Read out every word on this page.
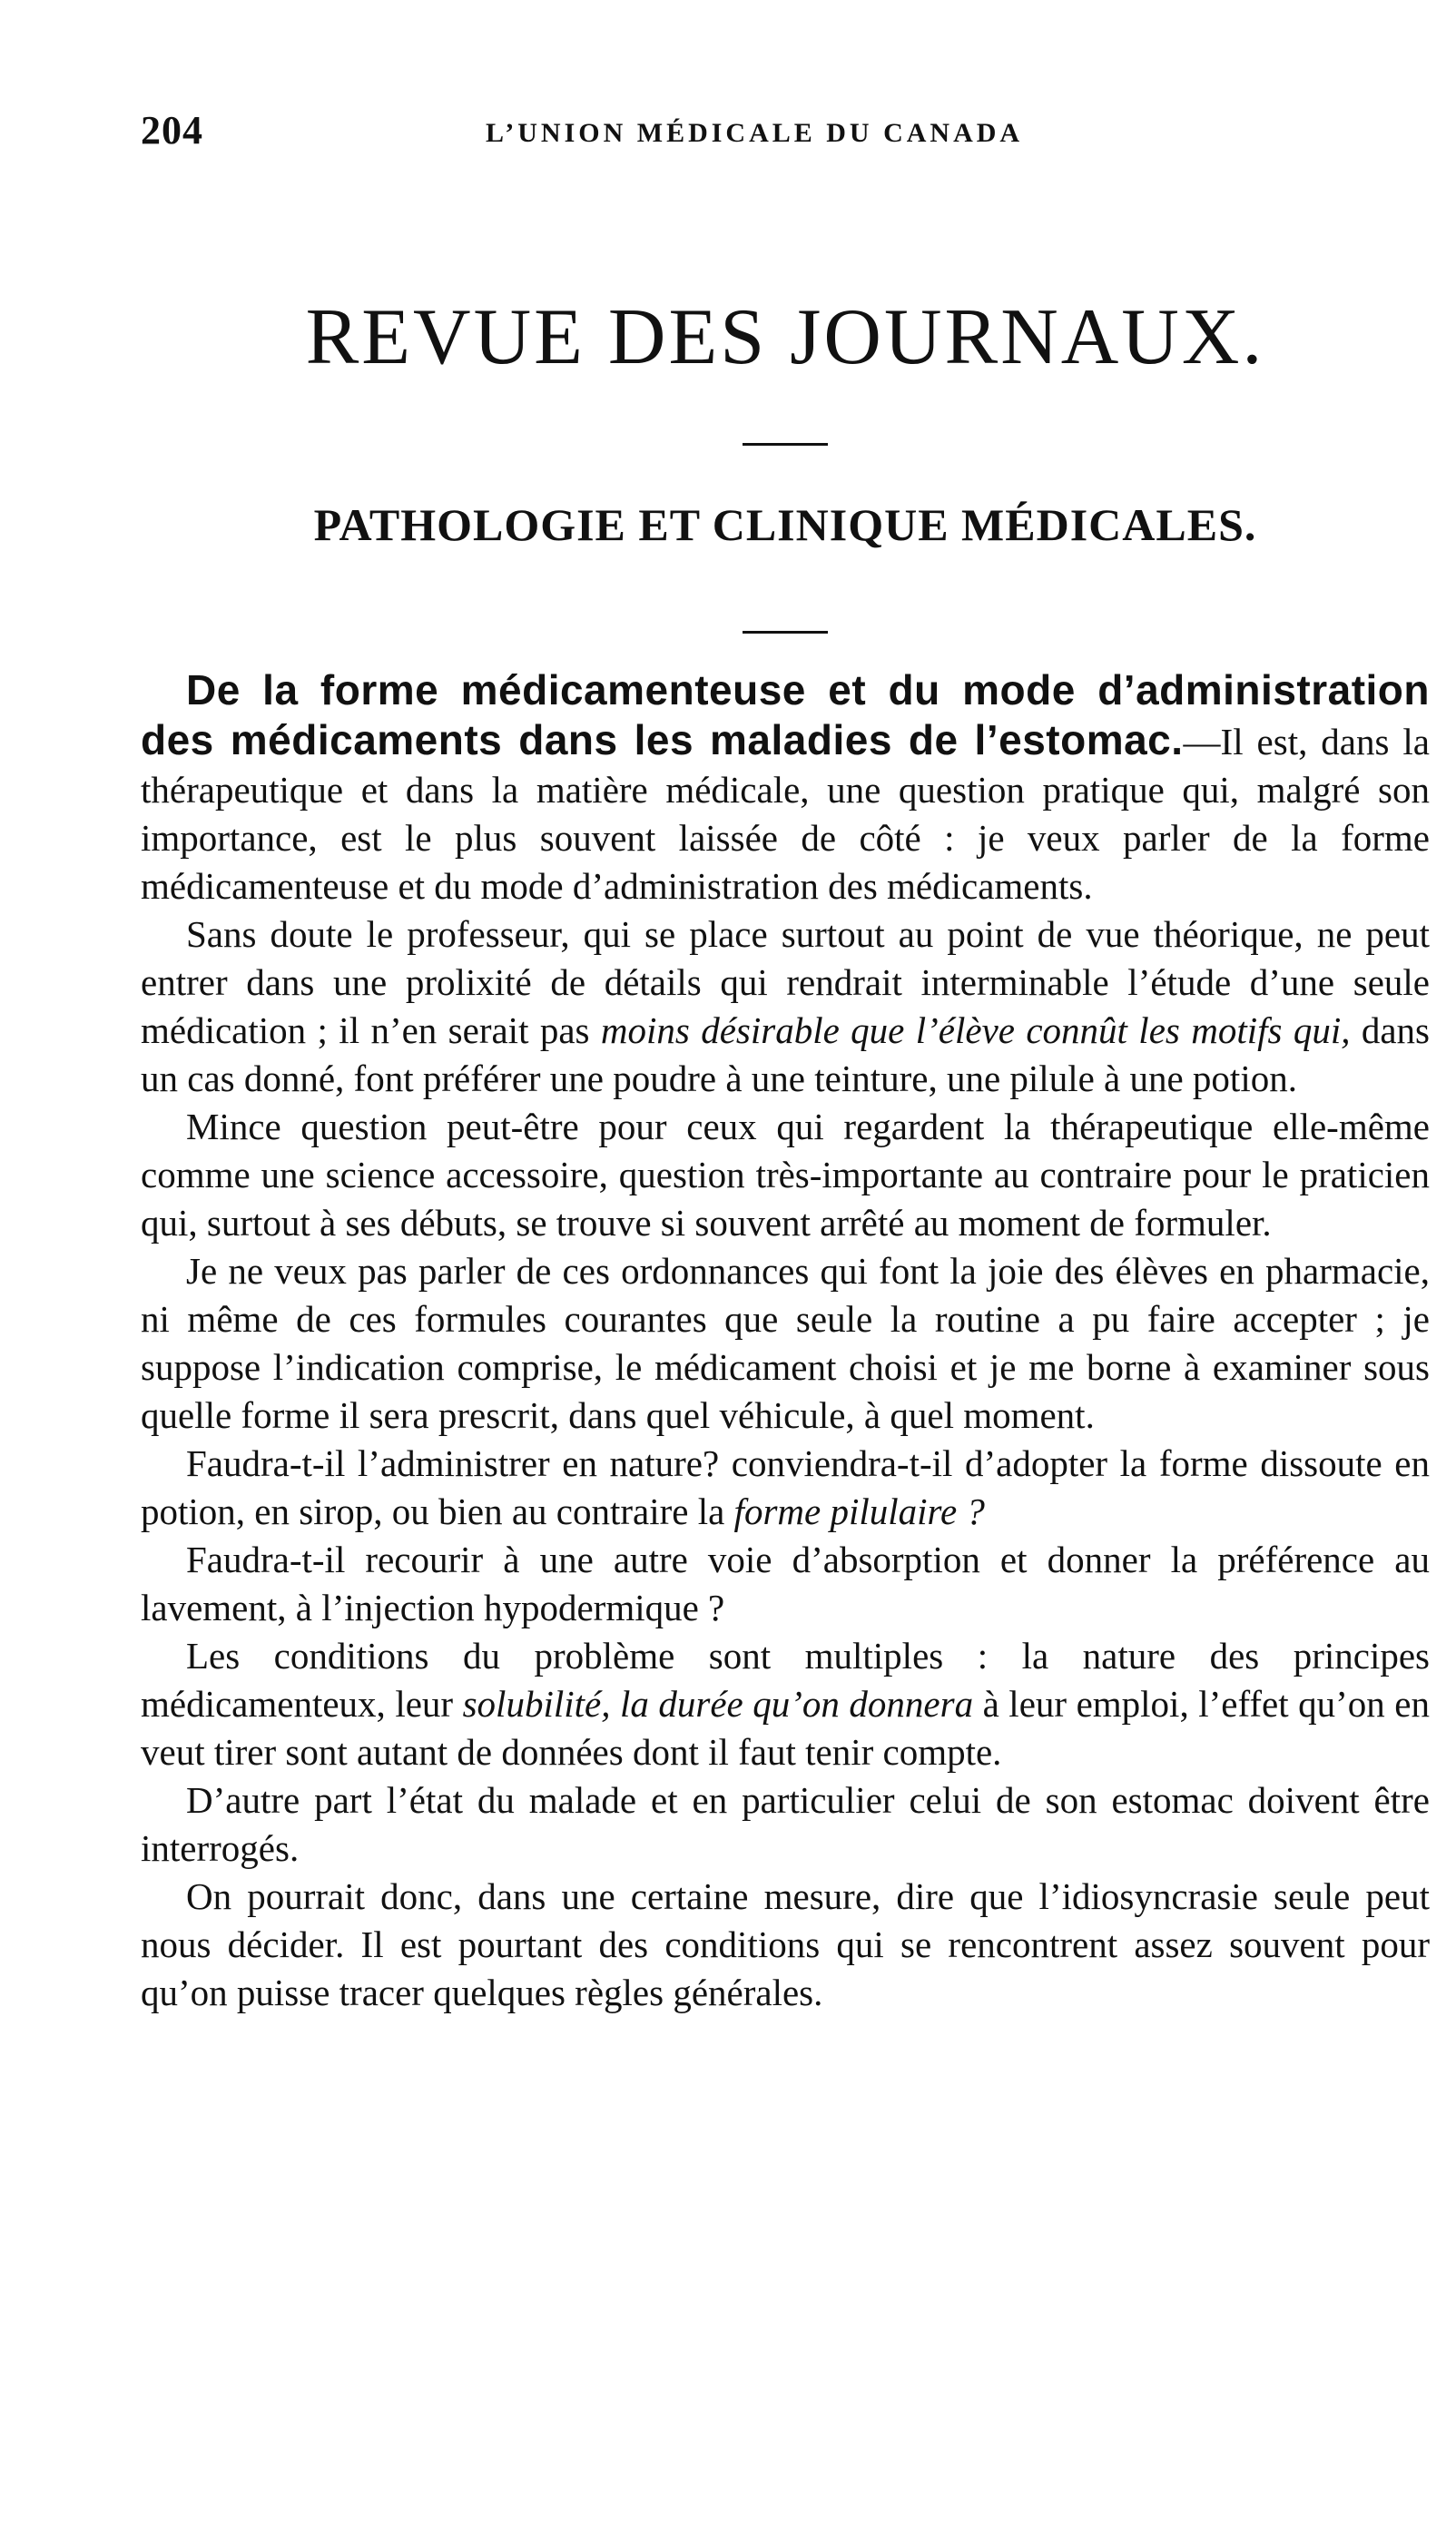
204	L’UNION MÉDICALE DU CANADA
REVUE DES JOURNAUX.
PATHOLOGIE ET CLINIQUE MÉDICALES.

De la forme médicamenteuse et du mode d’administration des médicaments dans les maladies de l’estomac.—Il est, dans la thérapeutique et dans la matière médicale, une question pratique qui, malgré son importance, est le plus souvent laissée de côté : je veux parler de la forme médicamenteuse et du mode d’administration des médicaments.

Sans doute le professeur, qui se place surtout au point de vue théorique, ne peut entrer dans une prolixité de détails qui rendrait interminable l’étude d’une seule médication ; il n’en serait pas moins désirable que l’élève connût les motifs qui, dans un cas donné, font préférer une poudre à une teinture, une pilule à une potion.

Mince question peut-être pour ceux qui regardent la thérapeutique elle-même comme une science accessoire, question très-importante au contraire pour le praticien qui, surtout à ses débuts, se trouve si souvent arrêté au moment de formuler.

Je ne veux pas parler de ces ordonnances qui font la joie des élèves en pharmacie, ni même de ces formules courantes que seule la routine a pu faire accepter ; je suppose l’indication comprise, le médicament choisi et je me borne à examiner sous quelle forme il sera prescrit, dans quel véhicule, à quel moment.

Faudra-t-il l’administrer en nature? conviendra-t-il d’adopter la forme dissoute en potion, en sirop, ou bien au contraire la forme pilulaire ?

Faudra-t-il recourir à une autre voie d’absorption et donner la préférence au lavement, à l’injection hypodermique ?

Les conditions du problème sont multiples : la nature des principes médicamenteux, leur solubilité, la durée qu’on donnera à leur emploi, l’effet qu’on en veut tirer sont autant de données dont il faut tenir compte.

D’autre part l’état du malade et en particulier celui de son estomac doivent être interrogés.

On pourrait donc, dans une certaine mesure, dire que l’idiosyncrasie seule peut nous décider. Il est pourtant des conditions qui se rencontrent assez souvent pour qu’on puisse tracer quelques règles générales.
